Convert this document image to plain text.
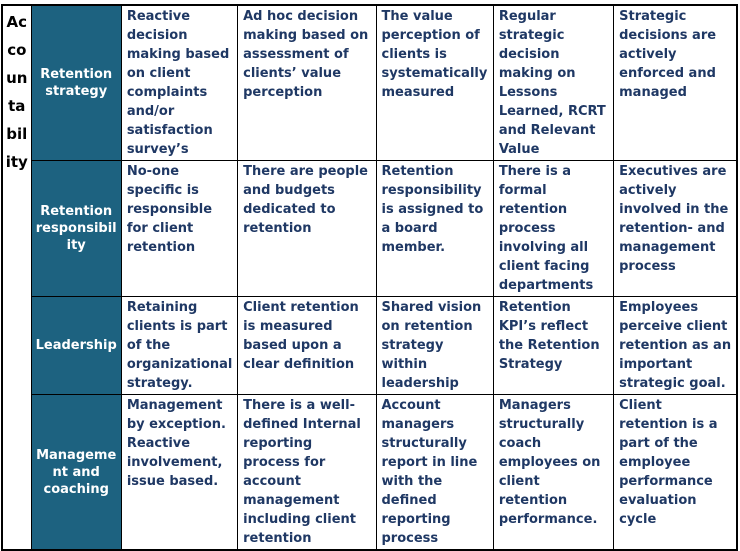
Accountability	Retention strategy	Reactive decision making based on client complaints and/or satisfaction survey’s	Ad hoc decision making based on assessment of clients’ value perception	The value perception of clients is systematically measured	Regular strategic decision making on Lessons Learned, RCRT and Relevant Value	Strategic decisions are actively enforced and managed
	Retention responsibility	No-one specific is responsible for client retention	There are people and budgets dedicated to retention	Retention responsibility is assigned to a board member.	There is a formal retention process involving all client facing departments	Executives are actively involved in the retention- and management process
	Leadership	Retaining clients is part of the organizational strategy.	Client retention is measured based upon a clear definition	Shared vision on retention strategy within leadership	Retention KPI’s reflect the Retention Strategy	Employees perceive client retention as an important strategic goal.
	Management and coaching	Management by exception. Reactive involvement, issue based.	There is a well-defined Internal reporting process for account management including client retention	Account managers structurally report in line with the defined reporting process	Managers structurally coach employees on client retention performance.	Client retention is a part of the employee performance evaluation cycle
